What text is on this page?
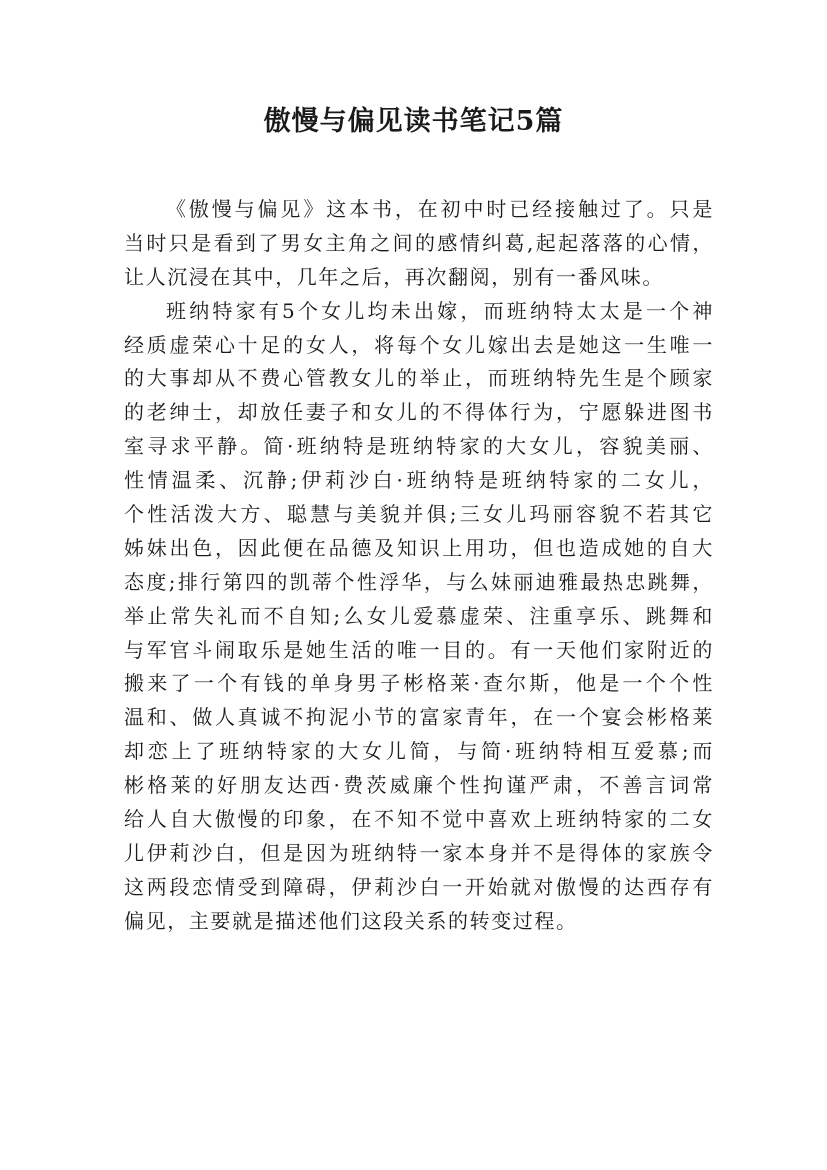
傲慢与偏见读书笔记5篇
《傲慢与偏见》这本书，在初中时已经接触过了。只是
当时只是看到了男女主角之间的感情纠葛,起起落落的心情，
让人沉浸在其中，几年之后，再次翻阅，别有一番风味。
班纳特家有5个女儿均未出嫁，而班纳特太太是一个神
经质虚荣心十足的女人，将每个女儿嫁出去是她这一生唯一
的大事却从不费心管教女儿的举止，而班纳特先生是个顾家
的老绅士，却放任妻子和女儿的不得体行为，宁愿躲进图书
室寻求平静。简·班纳特是班纳特家的大女儿，容貌美丽、
性情温柔、沉静;伊莉沙白·班纳特是班纳特家的二女儿，
个性活泼大方、聪慧与美貌并俱;三女儿玛丽容貌不若其它
姊妹出色，因此便在品德及知识上用功，但也造成她的自大
态度;排行第四的凯蒂个性浮华，与么妹丽迪雅最热忠跳舞，
举止常失礼而不自知;么女儿爱慕虚荣、注重享乐、跳舞和
与军官斗闹取乐是她生活的唯一目的。有一天他们家附近的
搬来了一个有钱的单身男子彬格莱·查尔斯，他是一个个性
温和、做人真诚不拘泥小节的富家青年，在一个宴会彬格莱
却恋上了班纳特家的大女儿简，与简·班纳特相互爱慕;而
彬格莱的好朋友达西·费茨威廉个性拘谨严肃，不善言词常
给人自大傲慢的印象，在不知不觉中喜欢上班纳特家的二女
儿伊莉沙白，但是因为班纳特一家本身并不是得体的家族令
这两段恋情受到障碍，伊莉沙白一开始就对傲慢的达西存有
偏见，主要就是描述他们这段关系的转变过程。
